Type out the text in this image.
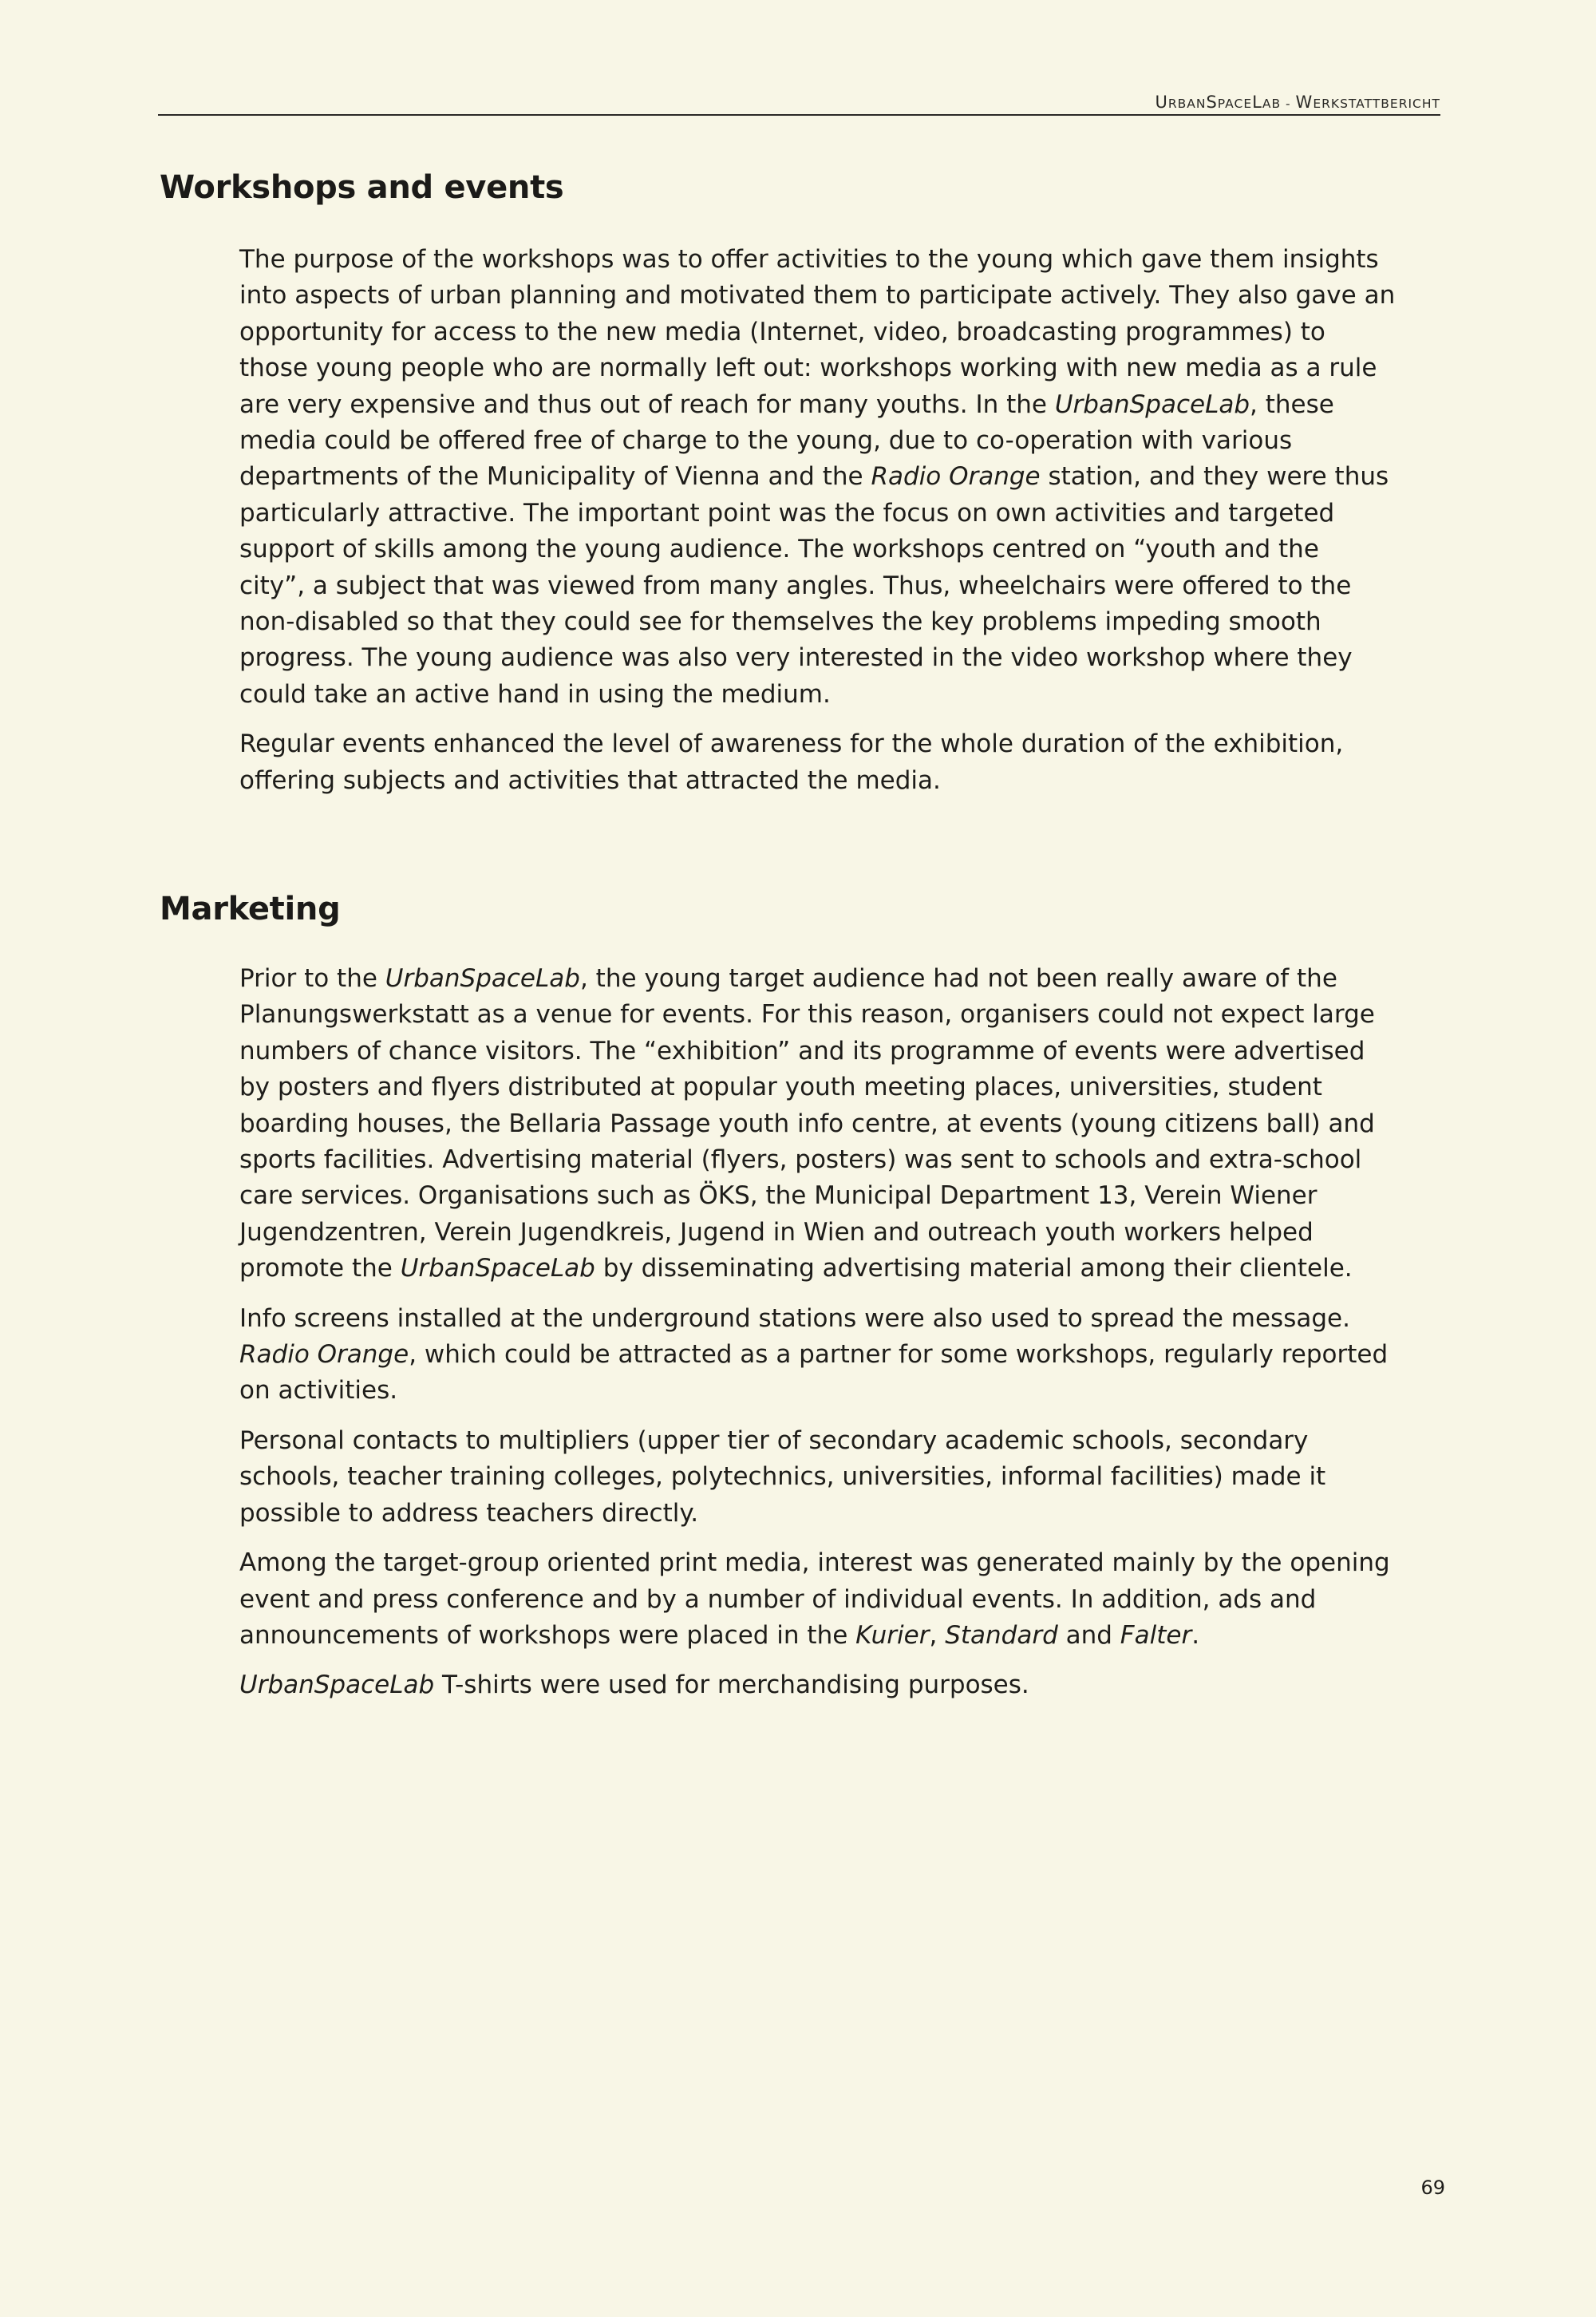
URBANSPACELAB - WERKSTATTBERICHT
Workshops and events

The purpose of the workshops was to offer activities to the young which gave them insights
into aspects of urban planning and motivated them to participate actively. They also gave an
opportunity for access to the new media (Internet, video, broadcasting programmes) to
those young people who are normally left out: workshops working with new media as a rule
are very expensive and thus out of reach for many youths. In the UrbanSpaceLab, these
media could be offered free of charge to the young, due to co-operation with various
departments of the Municipality of Vienna and the Radio Orange station, and they were thus
particularly attractive. The important point was the focus on own activities and targeted
support of skills among the young audience. The workshops centred on “youth and the
city”, a subject that was viewed from many angles. Thus, wheelchairs were offered to the
non-disabled so that they could see for themselves the key problems impeding smooth
progress. The young audience was also very interested in the video workshop where they
could take an active hand in using the medium.

Regular events enhanced the level of awareness for the whole duration of the exhibition,
offering subjects and activities that attracted the media.

Marketing

Prior to the UrbanSpaceLab, the young target audience had not been really aware of the
Planungswerkstatt as a venue for events. For this reason, organisers could not expect large
numbers of chance visitors. The “exhibition” and its programme of events were advertised
by posters and flyers distributed at popular youth meeting places, universities, student
boarding houses, the Bellaria Passage youth info centre, at events (young citizens ball) and
sports facilities. Advertising material (flyers, posters) was sent to schools and extra-school
care services. Organisations such as ÖKS, the Municipal Department 13, Verein Wiener
Jugendzentren, Verein Jugendkreis, Jugend in Wien and outreach youth workers helped
promote the UrbanSpaceLab by disseminating advertising material among their clientele.

Info screens installed at the underground stations were also used to spread the message.
Radio Orange, which could be attracted as a partner for some workshops, regularly reported
on activities.

Personal contacts to multipliers (upper tier of secondary academic schools, secondary
schools, teacher training colleges, polytechnics, universities, informal facilities) made it
possible to address teachers directly.

Among the target-group oriented print media, interest was generated mainly by the opening
event and press conference and by a number of individual events. In addition, ads and
announcements of workshops were placed in the Kurier, Standard and Falter.

UrbanSpaceLab T-shirts were used for merchandising purposes.

69
